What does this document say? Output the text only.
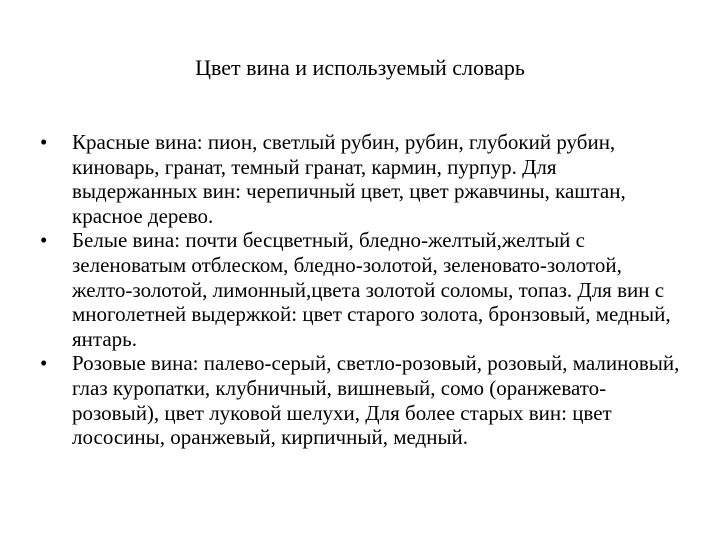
Цвет вина и используемый словарь
•	Красные вина: пион, светлый рубин, рубин, глубокий рубин, киноварь, гранат, темный гранат, кармин, пурпур. Для выдержанных вин: черепичный цвет, цвет ржавчины, каштан, красное дерево.
•	Белые вина: почти бесцветный, бледно-желтый,желтый с зеленоватым отблеском, бледно-золотой, зеленовато-золотой, желто-золотой, лимонный,цвета золотой соломы, топаз. Для вин с многолетней выдержкой: цвет старого золота, бронзовый, медный, янтарь.
•	Розовые вина: палево-серый, светло-розовый, розовый, малиновый, глаз куропатки, клубничный, вишневый, сомо (оранжевато-розовый), цвет луковой шелухи, Для более старых вин: цвет лососины, оранжевый, кирпичный, медный.
